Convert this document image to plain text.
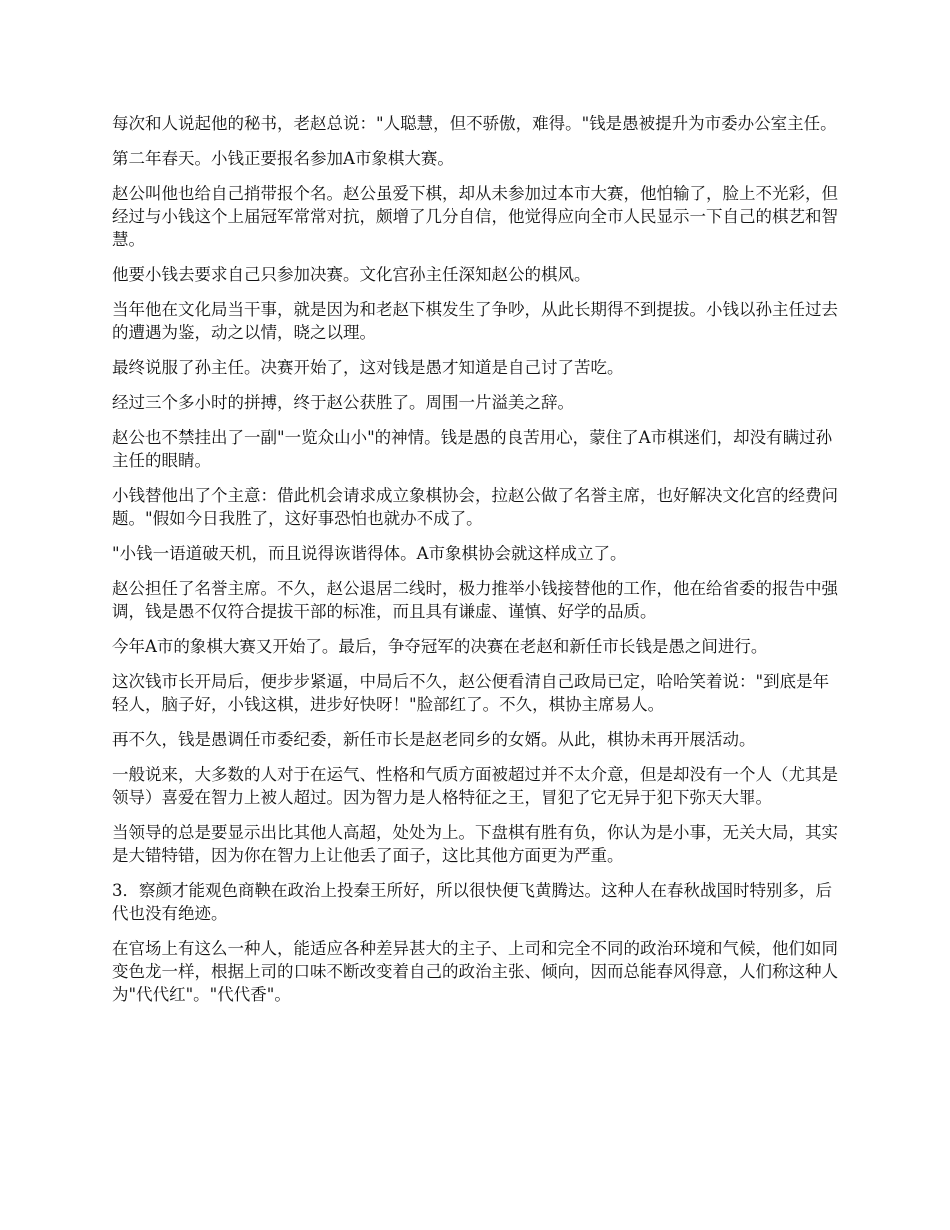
每次和人说起他的秘书，老赵总说："人聪慧，但不骄傲，难得。"钱是愚被提升为市委办公室主任。

第二年春天。小钱正要报名参加A市象棋大赛。

赵公叫他也给自己捎带报个名。赵公虽爱下棋，却从未参加过本市大赛，他怕输了，脸上不光彩，但经过与小钱这个上届冠军常常对抗，颇增了几分自信，他觉得应向全市人民显示一下自己的棋艺和智慧。

他要小钱去要求自己只参加决赛。文化宫孙主任深知赵公的棋风。

当年他在文化局当干事，就是因为和老赵下棋发生了争吵，从此长期得不到提拔。小钱以孙主任过去的遭遇为鉴，动之以情，晓之以理。

最终说服了孙主任。决赛开始了，这对钱是愚才知道是自己讨了苦吃。

经过三个多小时的拼搏，终于赵公获胜了。周围一片溢美之辞。

赵公也不禁挂出了一副"一览众山小"的神情。钱是愚的良苦用心，蒙住了A市棋迷们，却没有瞒过孙主任的眼睛。

小钱替他出了个主意：借此机会请求成立象棋协会，拉赵公做了名誉主席，也好解决文化宫的经费问题。"假如今日我胜了，这好事恐怕也就办不成了。

"小钱一语道破天机，而且说得诙谐得体。A市象棋协会就这样成立了。

赵公担任了名誉主席。不久，赵公退居二线时，极力推举小钱接替他的工作，他在给省委的报告中强调，钱是愚不仅符合提拔干部的标准，而且具有谦虚、谨慎、好学的品质。

今年A市的象棋大赛又开始了。最后，争夺冠军的决赛在老赵和新任市长钱是愚之间进行。

这次钱市长开局后，便步步紧逼，中局后不久，赵公便看清自己政局已定，哈哈笑着说："到底是年轻人，脑子好，小钱这棋，进步好快呀！"脸部红了。不久，棋协主席易人。

再不久，钱是愚调任市委纪委，新任市长是赵老同乡的女婿。从此，棋协未再开展活动。

一般说来，大多数的人对于在运气、性格和气质方面被超过并不太介意，但是却没有一个人（尤其是领导）喜爱在智力上被人超过。因为智力是人格特征之王，冒犯了它无异于犯下弥天大罪。

当领导的总是要显示出比其他人高超，处处为上。下盘棋有胜有负，你认为是小事，无关大局，其实是大错特错，因为你在智力上让他丢了面子，这比其他方面更为严重。

3．察颜才能观色商鞅在政治上投秦王所好，所以很快便飞黄腾达。这种人在春秋战国时特别多，后代也没有绝迹。

在官场上有这么一种人，能适应各种差异甚大的主子、上司和完全不同的政治环境和气候，他们如同变色龙一样，根据上司的口味不断改变着自己的政治主张、倾向，因而总能春风得意，人们称这种人为"代代红"。"代代香"。
